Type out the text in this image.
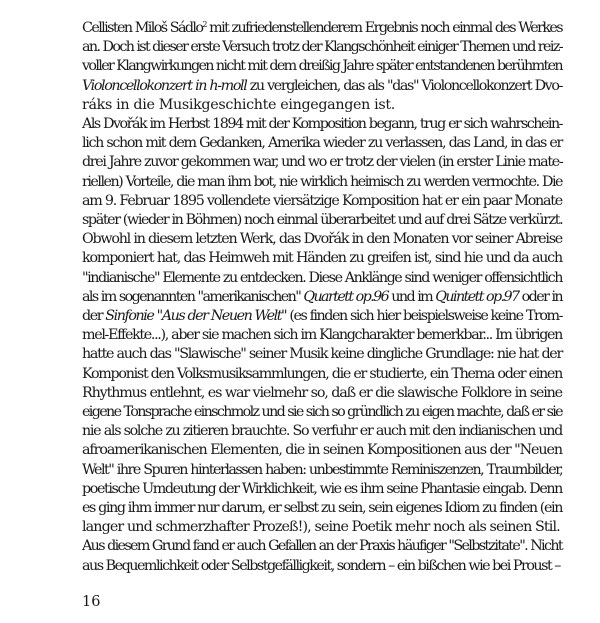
Cellisten Miloš Sádlo$^2$ mit zufriedenstellenderem Ergebnis noch einmal des Werkes
an. Doch ist dieser erste Versuch trotz der Klangschönheit einiger Themen und reiz-
voller Klangwirkungen nicht mit dem dreißig Jahre später entstandenen berühmten
Violoncellokonzert in h-moll zu vergleichen, das als "das" Violoncellokonzert Dvo-
ráks in die Musikgeschichte eingegangen ist.
Als Dvořák im Herbst 1894 mit der Komposition begann, trug er sich wahrschein-
lich schon mit dem Gedanken, Amerika wieder zu verlassen, das Land, in das er
drei Jahre zuvor gekommen war, und wo er trotz der vielen (in erster Linie mate-
riellen) Vorteile, die man ihm bot, nie wirklich heimisch zu werden vermochte. Die
am 9. Februar 1895 vollendete viersätzige Komposition hat er ein paar Monate
später (wieder in Böhmen) noch einmal überarbeitet und auf drei Sätze verkürzt.
Obwohl in diesem letzten Werk, das Dvořák in den Monaten vor seiner Abreise
komponiert hat, das Heimweh mit Händen zu greifen ist, sind hie und da auch
"indianische" Elemente zu entdecken. Diese Anklänge sind weniger offensichtlich
als im sogenannten "amerikanischen" Quartett op.96 und im Quintett op.97 oder in
der Sinfonie "Aus der Neuen Welt" (es finden sich hier beispielsweise keine Trom-
mel-Effekte...), aber sie machen sich im Klangcharakter bemerkbar... Im übrigen
hatte auch das "Slawische" seiner Musik keine dingliche Grundlage: nie hat der
Komponist den Volksmusiksammlungen, die er studierte, ein Thema oder einen
Rhythmus entlehnt, es war vielmehr so, daß er die slawische Folklore in seine
eigene Tonsprache einschmolz und sie sich so gründlich zu eigen machte, daß er sie
nie als solche zu zitieren brauchte. So verfuhr er auch mit den indianischen und
afroamerikanischen Elementen, die in seinen Kompositionen aus der "Neuen
Welt" ihre Spuren hinterlassen haben: unbestimmte Reminiszenzen, Traumbilder,
poetische Umdeutung der Wirklichkeit, wie es ihm seine Phantasie eingab. Denn
es ging ihm immer nur darum, er selbst zu sein, sein eigenes Idiom zu finden (ein
langer und schmerzhafter Prozeß!), seine Poetik mehr noch als seinen Stil.
Aus diesem Grund fand er auch Gefallen an der Praxis häufiger "Selbstzitate". Nicht
aus Bequemlichkeit oder Selbstgefälligkeit, sondern – ein bißchen wie bei Proust –
16
